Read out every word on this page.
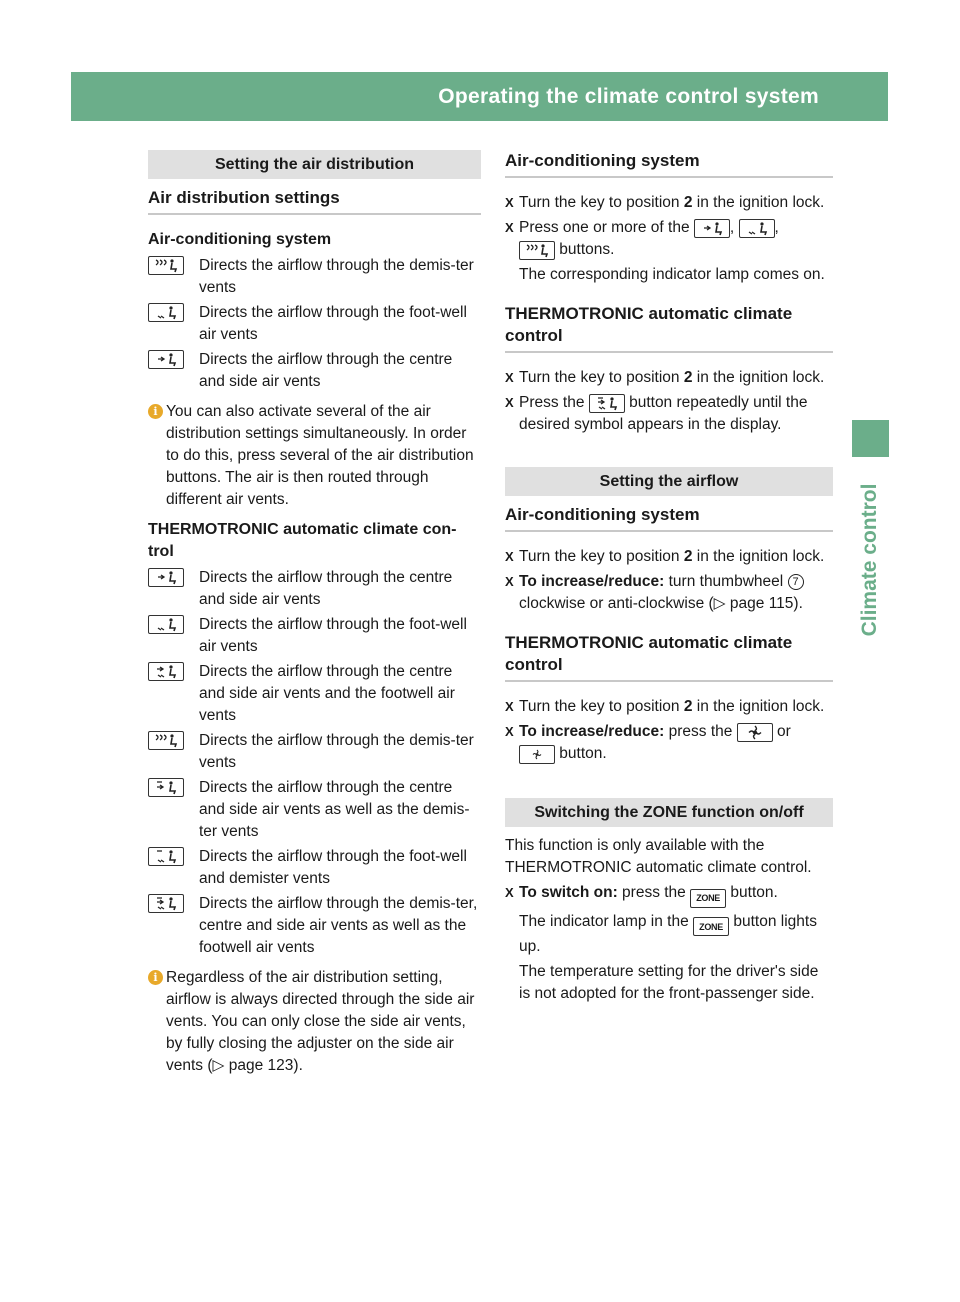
Operating the climate control system	119
Climate control
Setting the air distribution
Air distribution settings
Air-conditioning system
Directs the airflow through the demis-ter vents
Directs the airflow through the foot-well air vents
Directs the airflow through the centre and side air vents
i You can also activate several of the air distribution settings simultaneously. In order to do this, press several of the air distribution buttons. The air is then routed through different air vents.
THERMOTRONIC automatic climate con-trol
Directs the airflow through the centre and side air vents
Directs the airflow through the foot-well air vents
Directs the airflow through the centre and side air vents and the footwell air vents
Directs the airflow through the demis-ter vents
Directs the airflow through the centre and side air vents as well as the demis-ter vents
Directs the airflow through the foot-well and demister vents
Directs the airflow through the demis-ter, centre and side air vents as well as the footwell air vents
i Regardless of the air distribution setting, airflow is always directed through the side air vents. You can only close the side air vents, by fully closing the adjuster on the side air vents (▷ page 123).
Air-conditioning system
X Turn the key to position 2 in the ignition lock.
X Press one or more of the
,
,

buttons.
The corresponding indicator lamp comes on.
THERMOTRONIC automatic climate control
X Turn the key to position 2 in the ignition lock.
X Press the
button repeatedly until the desired symbol appears in the display.
Setting the airflow
Air-conditioning system
X Turn the key to position 2 in the ignition lock.
X To increase/reduce: turn thumbwheel 7 clockwise or anti-clockwise (▷ page 115).
THERMOTRONIC automatic climate control
X Turn the key to position 2 in the ignition lock.
X To increase/reduce: press the
or

button.
Switching the ZONE function on/off
This function is only available with the THERMOTRONIC automatic climate control.
X To switch on: press the ZONE button.
The indicator lamp in the ZONE button lights up.
The temperature setting for the driver's side is not adopted for the front-passenger side.
